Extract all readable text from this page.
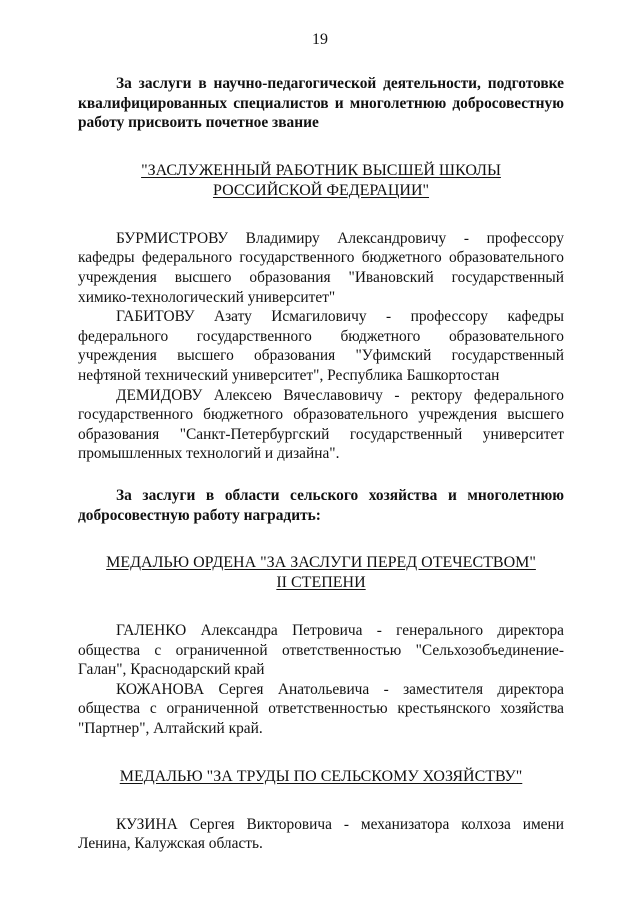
19

За заслуги в научно-педагогической деятельности, подготовке квалифицированных специалистов и многолетнюю добросовестную работу присвоить почетное звание

"ЗАСЛУЖЕННЫЙ РАБОТНИК ВЫСШЕЙ ШКОЛЫ
РОССИЙСКОЙ ФЕДЕРАЦИИ"

БУРМИСТРОВУ Владимиру Александровичу - профессору кафедры федерального государственного бюджетного образовательного учреждения высшего образования "Ивановский государственный химико-технологический университет"

ГАБИТОВУ Азату Исмагиловичу - профессору кафедры федерального государственного бюджетного образовательного учреждения высшего образования "Уфимский государственный нефтяной технический университет", Республика Башкортостан

ДЕМИДОВУ Алексею Вячеславовичу - ректору федерального государственного бюджетного образовательного учреждения высшего образования "Санкт-Петербургский государственный университет промышленных технологий и дизайна".

За заслуги в области сельского хозяйства и многолетнюю добросовестную работу наградить:

МЕДАЛЬЮ ОРДЕНА "ЗА ЗАСЛУГИ ПЕРЕД ОТЕЧЕСТВОМ"
II СТЕПЕНИ

ГАЛЕНКО Александра Петровича - генерального директора общества с ограниченной ответственностью "Сельхозобъединение-Галан", Краснодарский край

КОЖАНОВА Сергея Анатольевича - заместителя директора общества с ограниченной ответственностью крестьянского хозяйства "Партнер", Алтайский край.

МЕДАЛЬЮ "ЗА ТРУДЫ ПО СЕЛЬСКОМУ ХОЗЯЙСТВУ"

КУЗИНА Сергея Викторовича - механизатора колхоза имени Ленина, Калужская область.
